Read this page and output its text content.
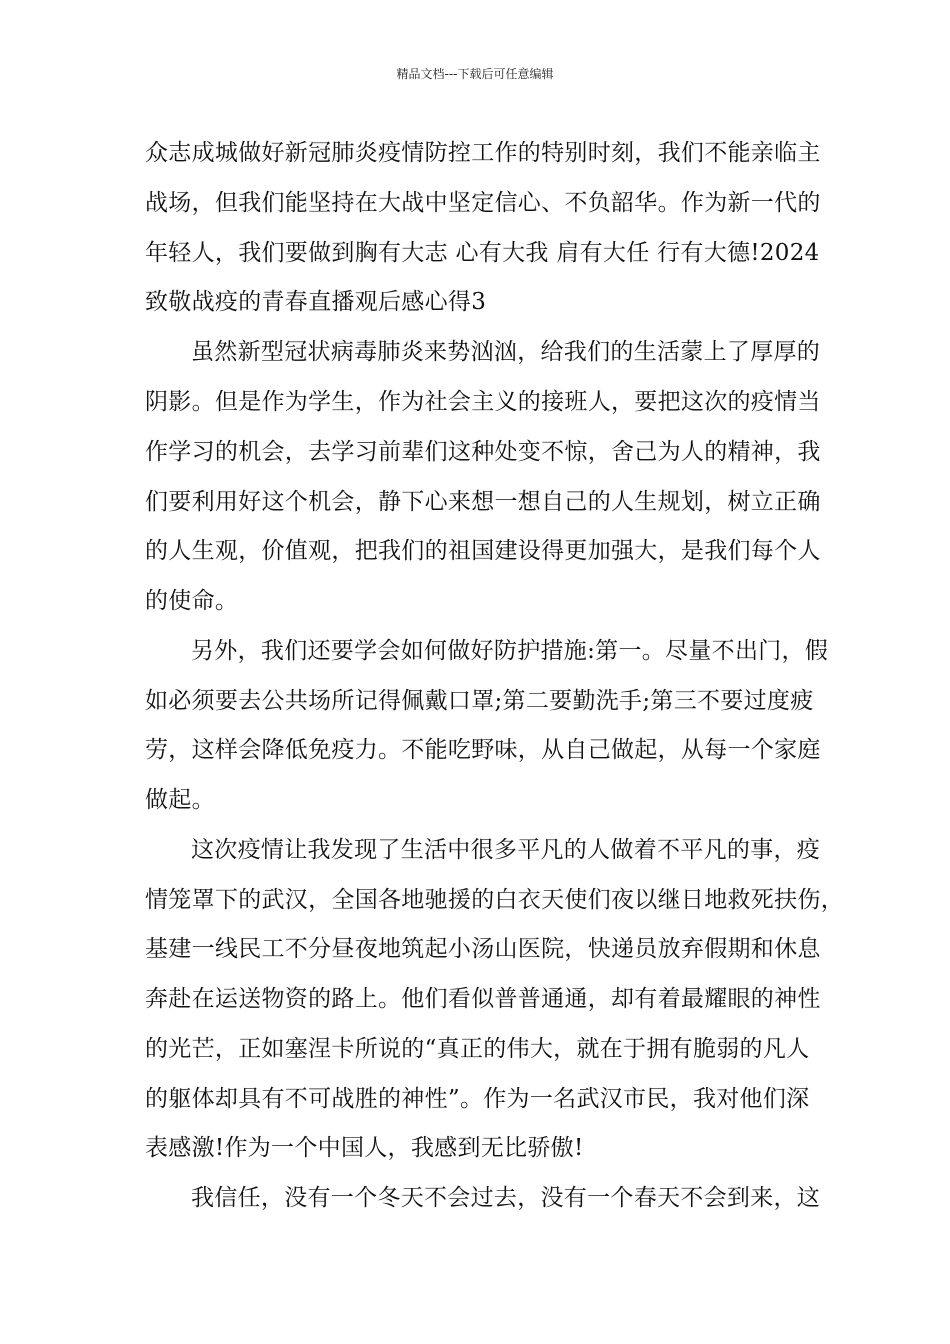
精品文档---下载后可任意编辑
众志成城做好新冠肺炎疫情防控工作的特别时刻，我们不能亲临主
战场，但我们能坚持在大战中坚定信心、不负韶华。作为新一代的
年轻人，我们要做到胸有大志 心有大我 肩有大任 行有大德!2024
致敬战疫的青春直播观后感心得3
虽然新型冠状病毒肺炎来势汹汹，给我们的生活蒙上了厚厚的
阴影。但是作为学生，作为社会主义的接班人，要把这次的疫情当
作学习的机会，去学习前辈们这种处变不惊，舍己为人的精神，我
们要利用好这个机会，静下心来想一想自己的人生规划，树立正确
的人生观，价值观，把我们的祖国建设得更加强大，是我们每个人
的使命。
另外，我们还要学会如何做好防护措施:第一。尽量不出门，假
如必须要去公共场所记得佩戴口罩;第二要勤洗手;第三不要过度疲
劳，这样会降低免疫力。不能吃野味，从自己做起，从每一个家庭
做起。
这次疫情让我发现了生活中很多平凡的人做着不平凡的事，疫
情笼罩下的武汉，全国各地驰援的白衣天使们夜以继日地救死扶伤，
基建一线民工不分昼夜地筑起小汤山医院，快递员放弃假期和休息
奔赴在运送物资的路上。他们看似普普通通，却有着最耀眼的神性
的光芒，正如塞涅卡所说的“真正的伟大，就在于拥有脆弱的凡人
的躯体却具有不可战胜的神性”。作为一名武汉市民，我对他们深
表感激!作为一个中国人，我感到无比骄傲!
我信任，没有一个冬天不会过去，没有一个春天不会到来，这
